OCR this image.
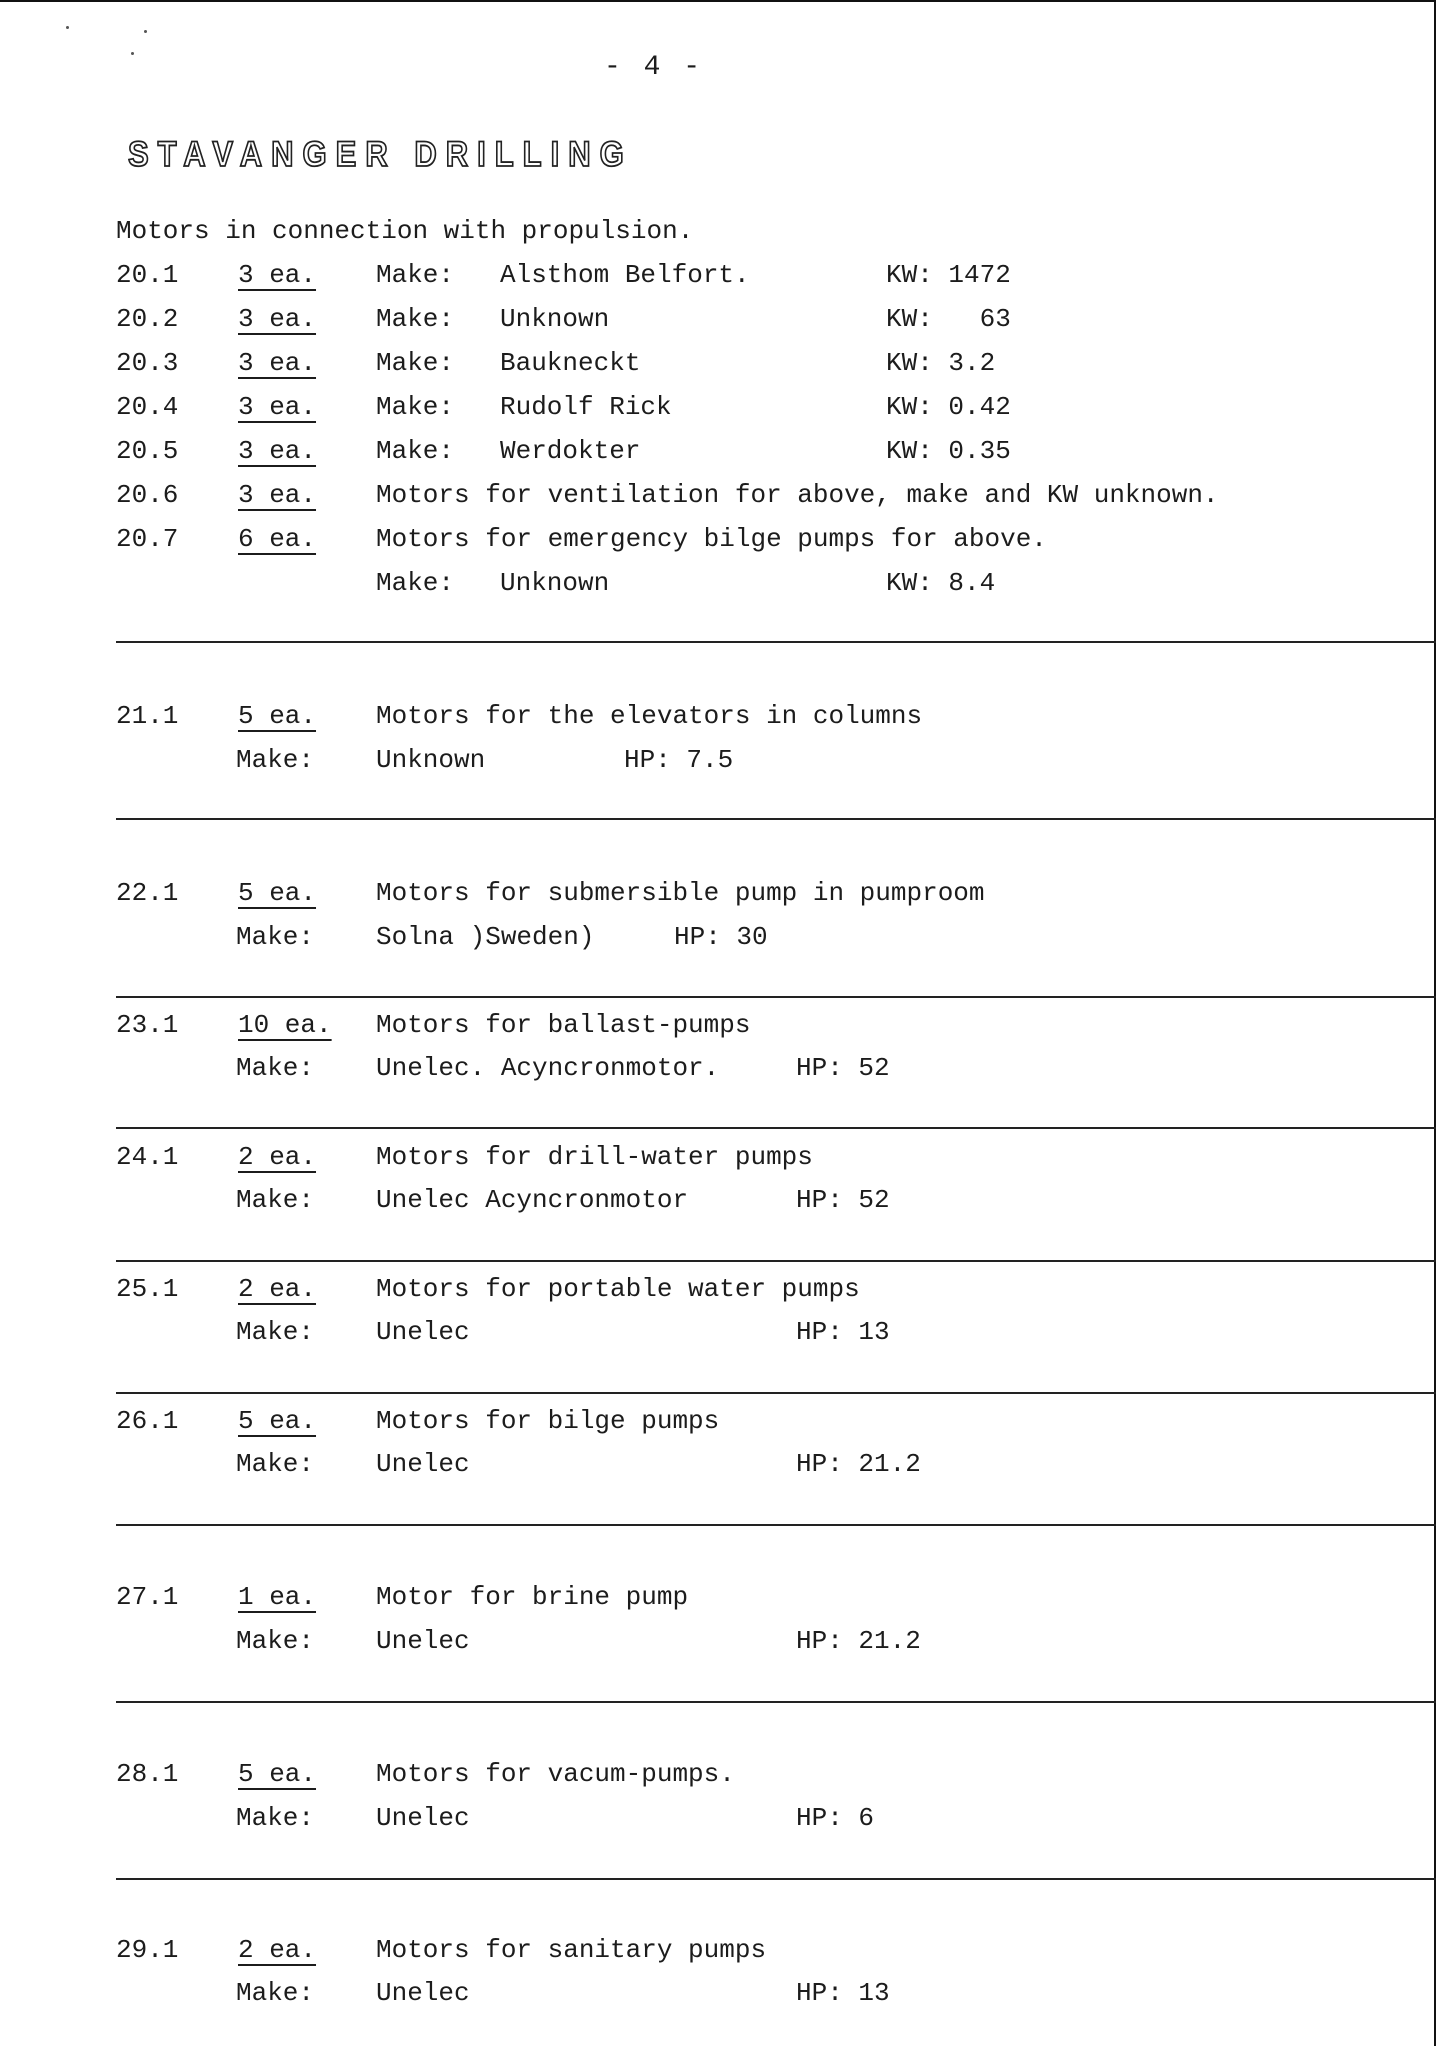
- 4 -
STAVANGER DRILLING
Motors in connection with propulsion.
20.1 3 ea. Make: Alsthom Belfort.	KW: 1472
20.2 3 ea. Make: Unknown	KW:   63
20.3 3 ea. Make: Baukneckt	KW: 3.2
20.4 3 ea. Make: Rudolf Rick	KW: 0.42
20.5 3 ea. Make: Werdokter	KW: 0.35
20.6 3 ea. Motors for ventilation for above, make and KW unknown.
20.7 6 ea. Motors for emergency bilge pumps for above.
Make: Unknown	KW: 8.4
21.1 5 ea. Motors for the elevators in columns
Make: Unknown	HP: 7.5
22.1 5 ea. Motors for submersible pump in pumproom
Make: Solna )Sweden)	HP: 30
23.1 10 ea. Motors for ballast-pumps
Make: Unelec. Acyncronmotor.	HP: 52
24.1 2 ea. Motors for drill-water pumps
Make: Unelec Acyncronmotor	HP: 52
25.1 2 ea. Motors for portable water pumps
Make: Unelec	HP: 13
26.1 5 ea. Motors for bilge pumps
Make: Unelec	HP: 21.2
27.1 1 ea. Motor for brine pump
Make: Unelec	HP: 21.2
28.1 5 ea. Motors for vacum-pumps.
Make: Unelec	HP: 6
29.1 2 ea. Motors for sanitary pumps
Make: Unelec	HP: 13
